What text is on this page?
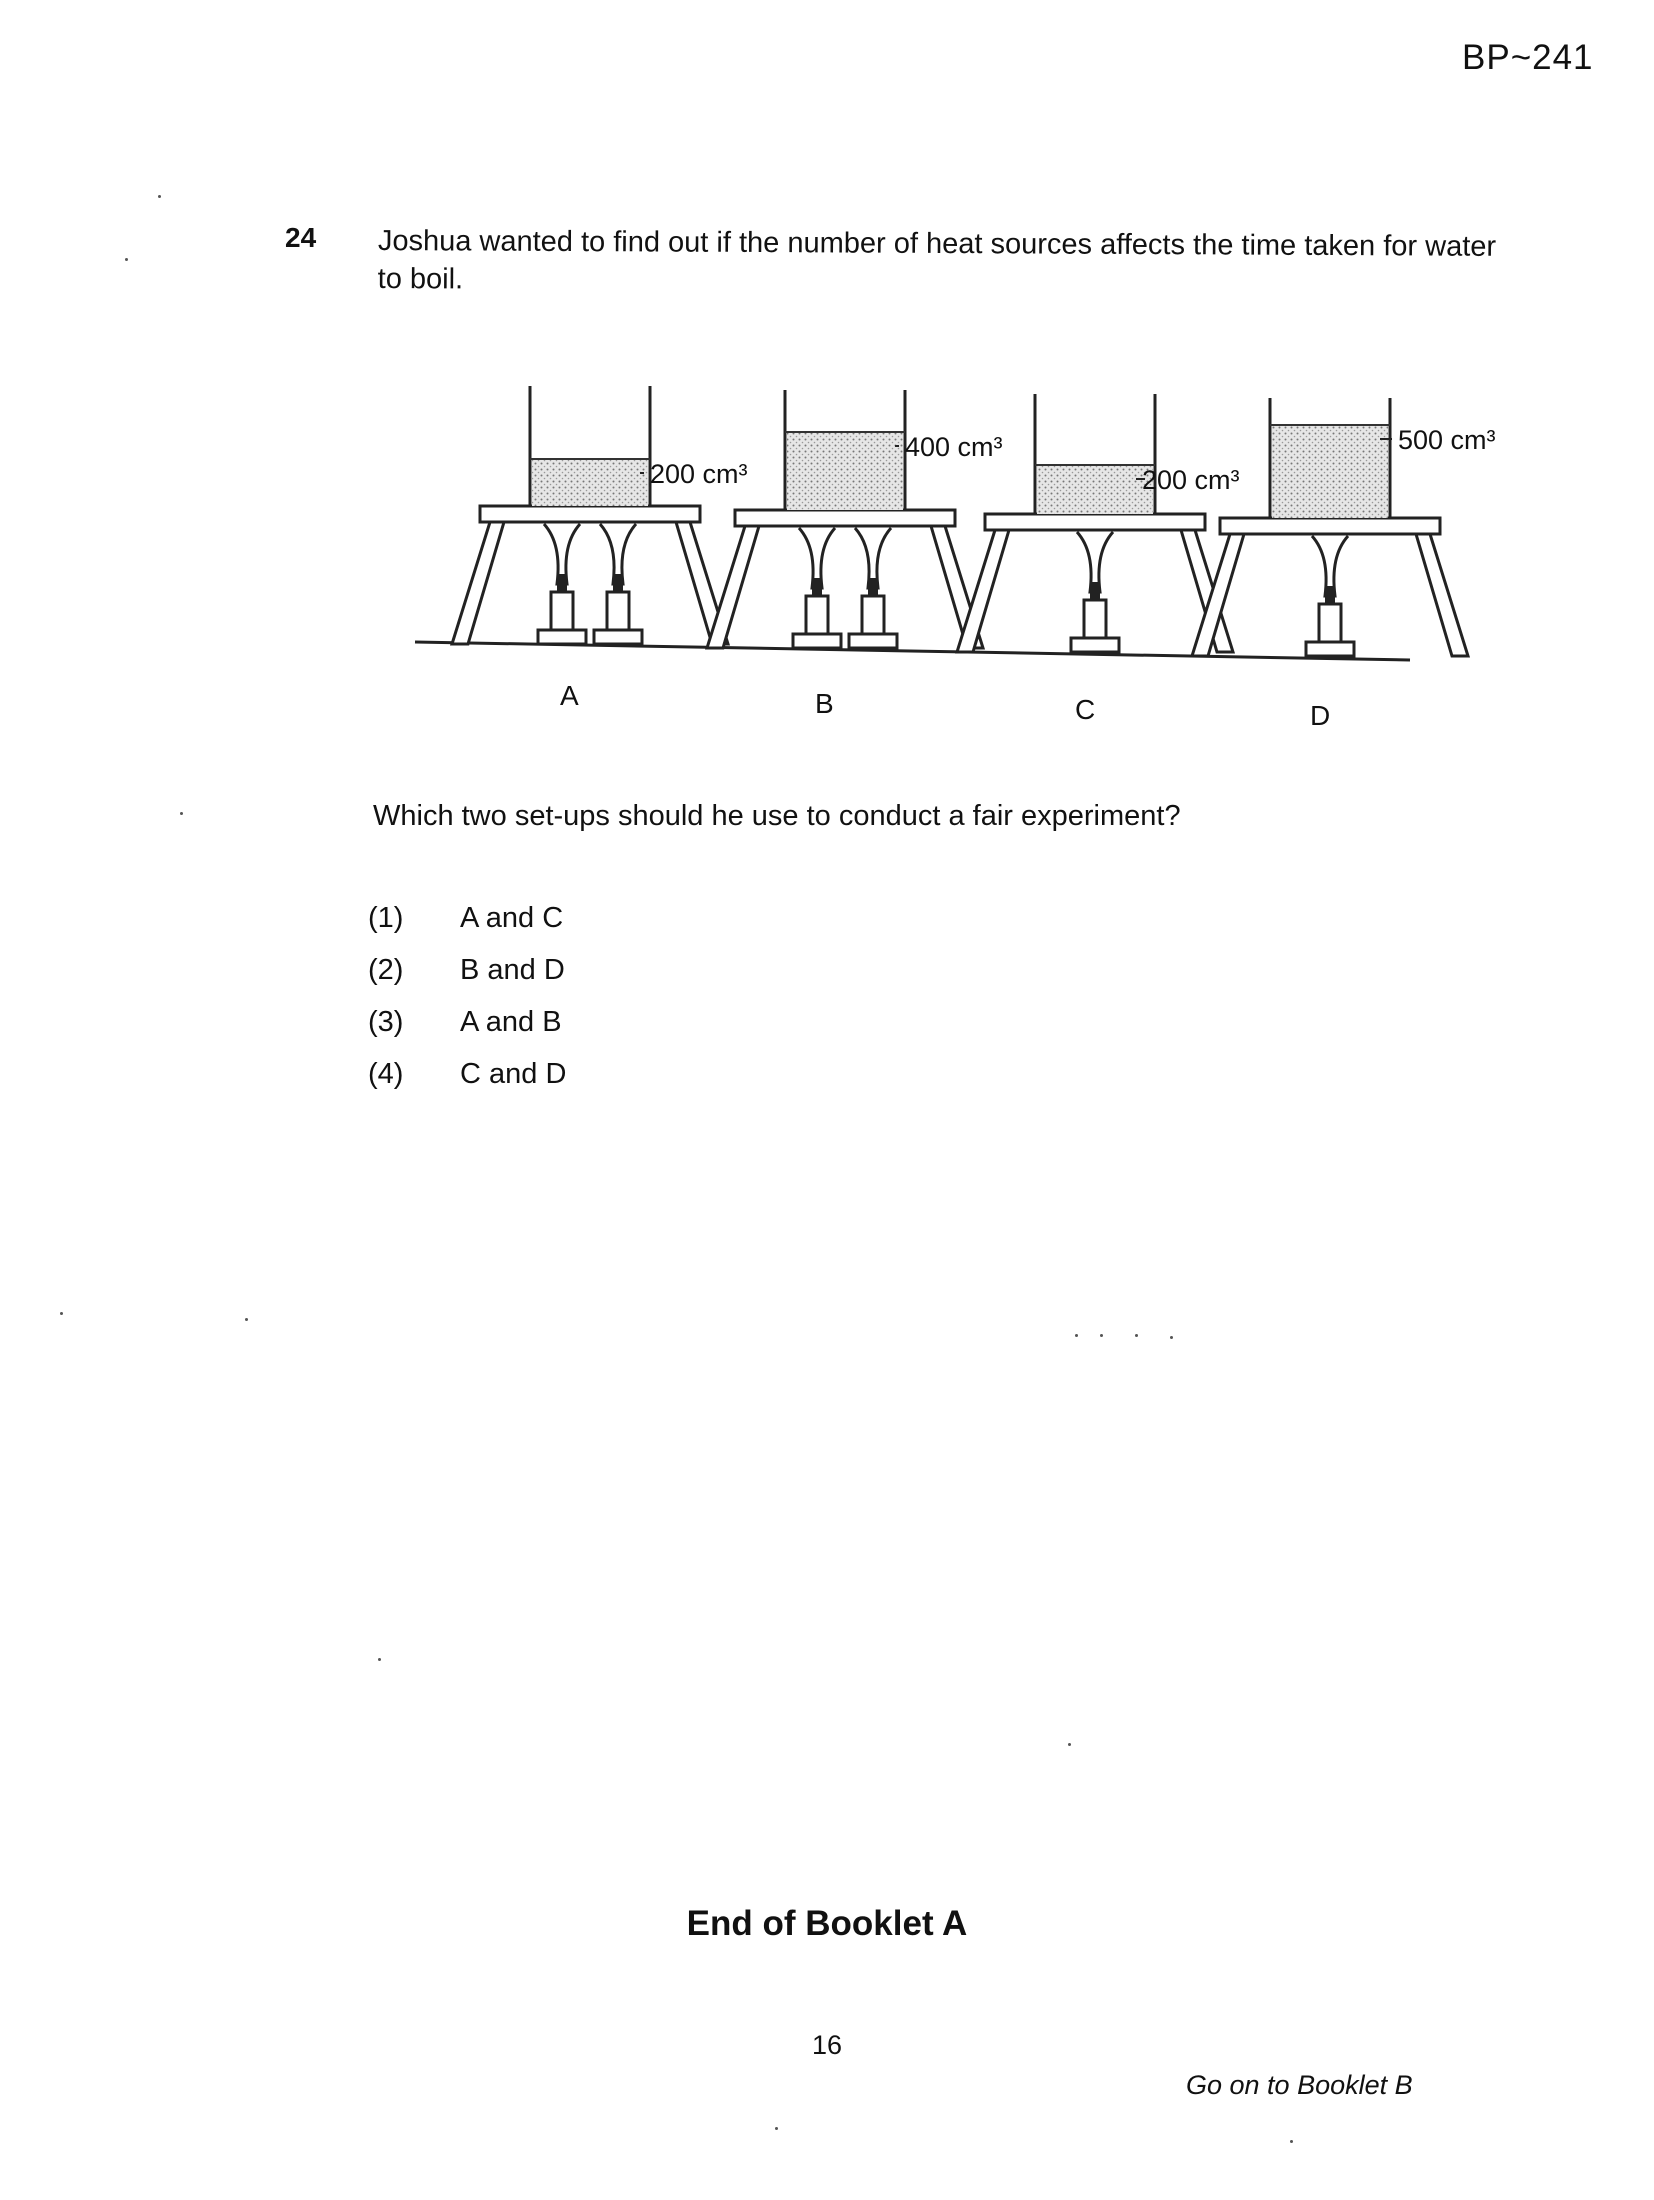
BP~241
24 Joshua wanted to find out if the number of heat sources affects the time taken for water to boil.
200 cm³
400 cm³
200 cm³
500 cm³
A	B	C	D
Which two set-ups should he use to conduct a fair experiment?
(1) A and C
(2) B and D
(3) A and B
(4) C and D
End of Booklet A
16
Go on to Booklet B
